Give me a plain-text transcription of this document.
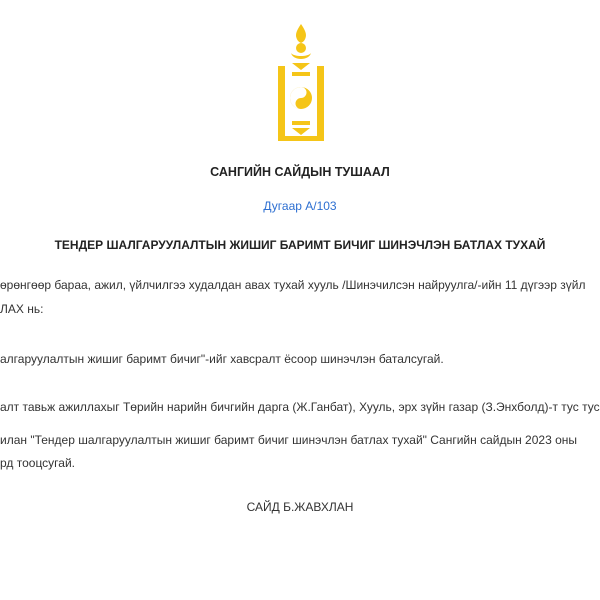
САНГИЙН САЙДЫН ТУШААЛ
Дугаар А/103
ТЕНДЕР ШАЛГАРУУЛАЛТЫН ЖИШИГ БАРИМТ БИЧИГ ШИНЭЧЛЭН БАТЛАХ ТУХАЙ
өрөнгөөр бараа, ажил, үйлчилгээ худалдан авах тухай хууль /Шинэчилсэн найруулга/-ийн 11 дүгээр зүйл
ЛАХ нь:
алгаруулалтын жишиг баримт бичиг"-ийг хавсралт ёсоор шинэчлэн баталсугай.
алт тавьж ажиллахыг Төрийн нарийн бичгийн дарга (Ж.Ганбат), Хууль, эрх зүйн газар (З.Энхболд)-т тус тус
илан "Тендер шалгаруулалтын жишиг баримт бичиг шинэчлэн батлах тухай" Сангийн сайдын 2023 оны
рд тооцсугай.
САЙД Б.ЖАВХЛАН
